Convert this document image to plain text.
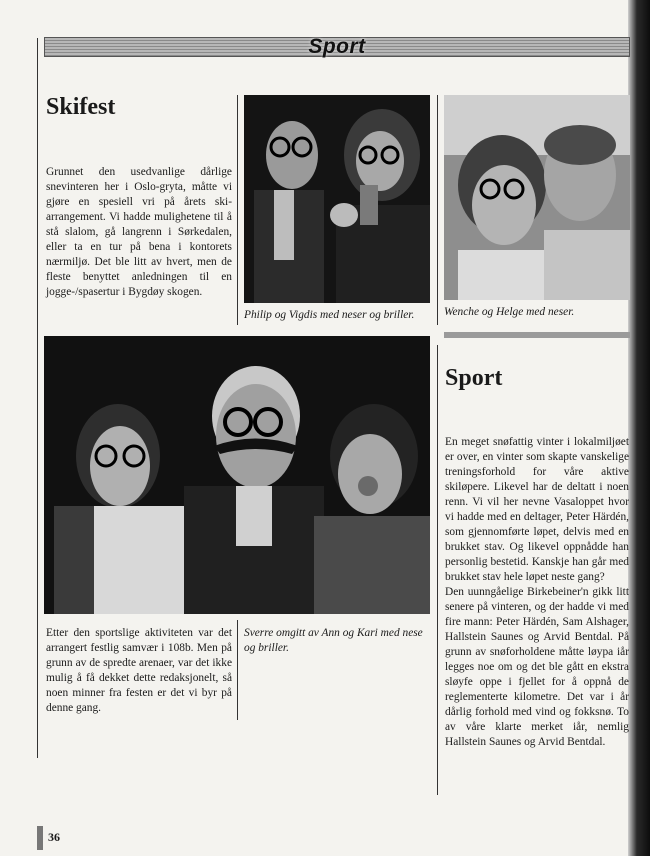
Sport
Skifest

Grunnet den usedvanlige dårlige snevinteren her i Oslo-gryta, måtte vi gjøre en spesiell vri på årets ski-arrangement. Vi hadde mulighetene til å stå slalom, gå langrenn i Sørkedalen, eller ta en tur på bena i kontorets nærmiljø. Det ble litt av hvert, men de fleste benyttet anledningen til en jogge-/spasertur i Bygdøy skogen.

Philip og Vigdis med neser og briller.	Wenche og Helge med neser.
Sverre omgitt av Ann og Kari med nese og briller.

Etter den sportslige aktiviteten var det arrangert festlig samvær i 108b. Men på grunn av de spredte arenaer, var det ikke mulig å få dekket dette redaksjonelt, så noen minner fra festen er det vi byr på denne gang.

Sport

En meget snøfattig vinter i lokalmiljøet er over, en vinter som skapte vanskelige treningsforhold for våre aktive skiløpere. Likevel har de deltatt i noen renn. Vi vil her nevne Vasaloppet hvor vi hadde med en deltager, Peter Härdén, som gjennomførte løpet, delvis med en brukket stav. Og likevel oppnådde han personlig bestetid. Kanskje han går med brukket stav hele løpet neste gang?

Den uunngåelige Birkebeiner'n gikk litt senere på vinteren, og der hadde vi med fire mann: Peter Härdén, Sam Alshager, Hallstein Saunes og Arvid Bentdal. På grunn av snøforholdene måtte løypa iår legges noe om og det ble gått en ekstra sløyfe oppe i fjellet for å oppnå de reglementerte kilometre. Det var i år dårlig forhold med vind og fokksnø. To av våre klarte merket iår, nemlig Hallstein Saunes og Arvid Bentdal.

36
